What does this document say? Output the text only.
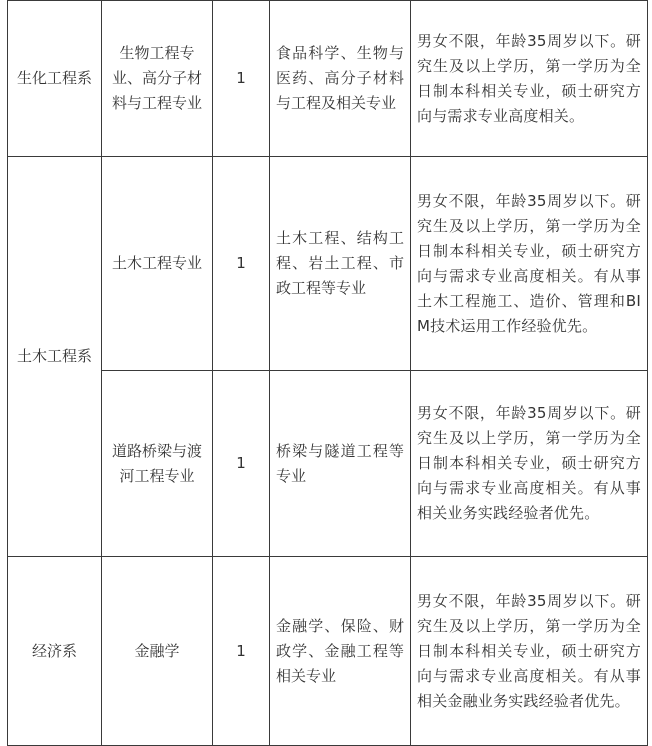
生化工程系	生物工程专业、高分子材料与工程专业	1	食品科学、生物与医药、高分子材料与工程及相关专业	男女不限，年龄35周岁以下。研究生及以上学历，第一学历为全日制本科相关专业，硕士研究方向与需求专业高度相关。
土木工程系	土木工程专业	1	土木工程、结构工程、岩土工程、市政工程等专业	男女不限，年龄35周岁以下。研究生及以上学历，第一学历为全日制本科相关专业，硕士研究方向与需求专业高度相关。有从事土木工程施工、造价、管理和BIM技术运用工作经验优先。
	道路桥梁与渡河工程专业	1	桥梁与隧道工程等专业	男女不限，年龄35周岁以下。研究生及以上学历，第一学历为全日制本科相关专业，硕士研究方向与需求专业高度相关。有从事相关业务实践经验者优先。
经济系	金融学	1	金融学、保险、财政学、金融工程等相关专业	男女不限，年龄35周岁以下。研究生及以上学历，第一学历为全日制本科相关专业，硕士研究方向与需求专业高度相关。有从事相关金融业务实践经验者优先。
